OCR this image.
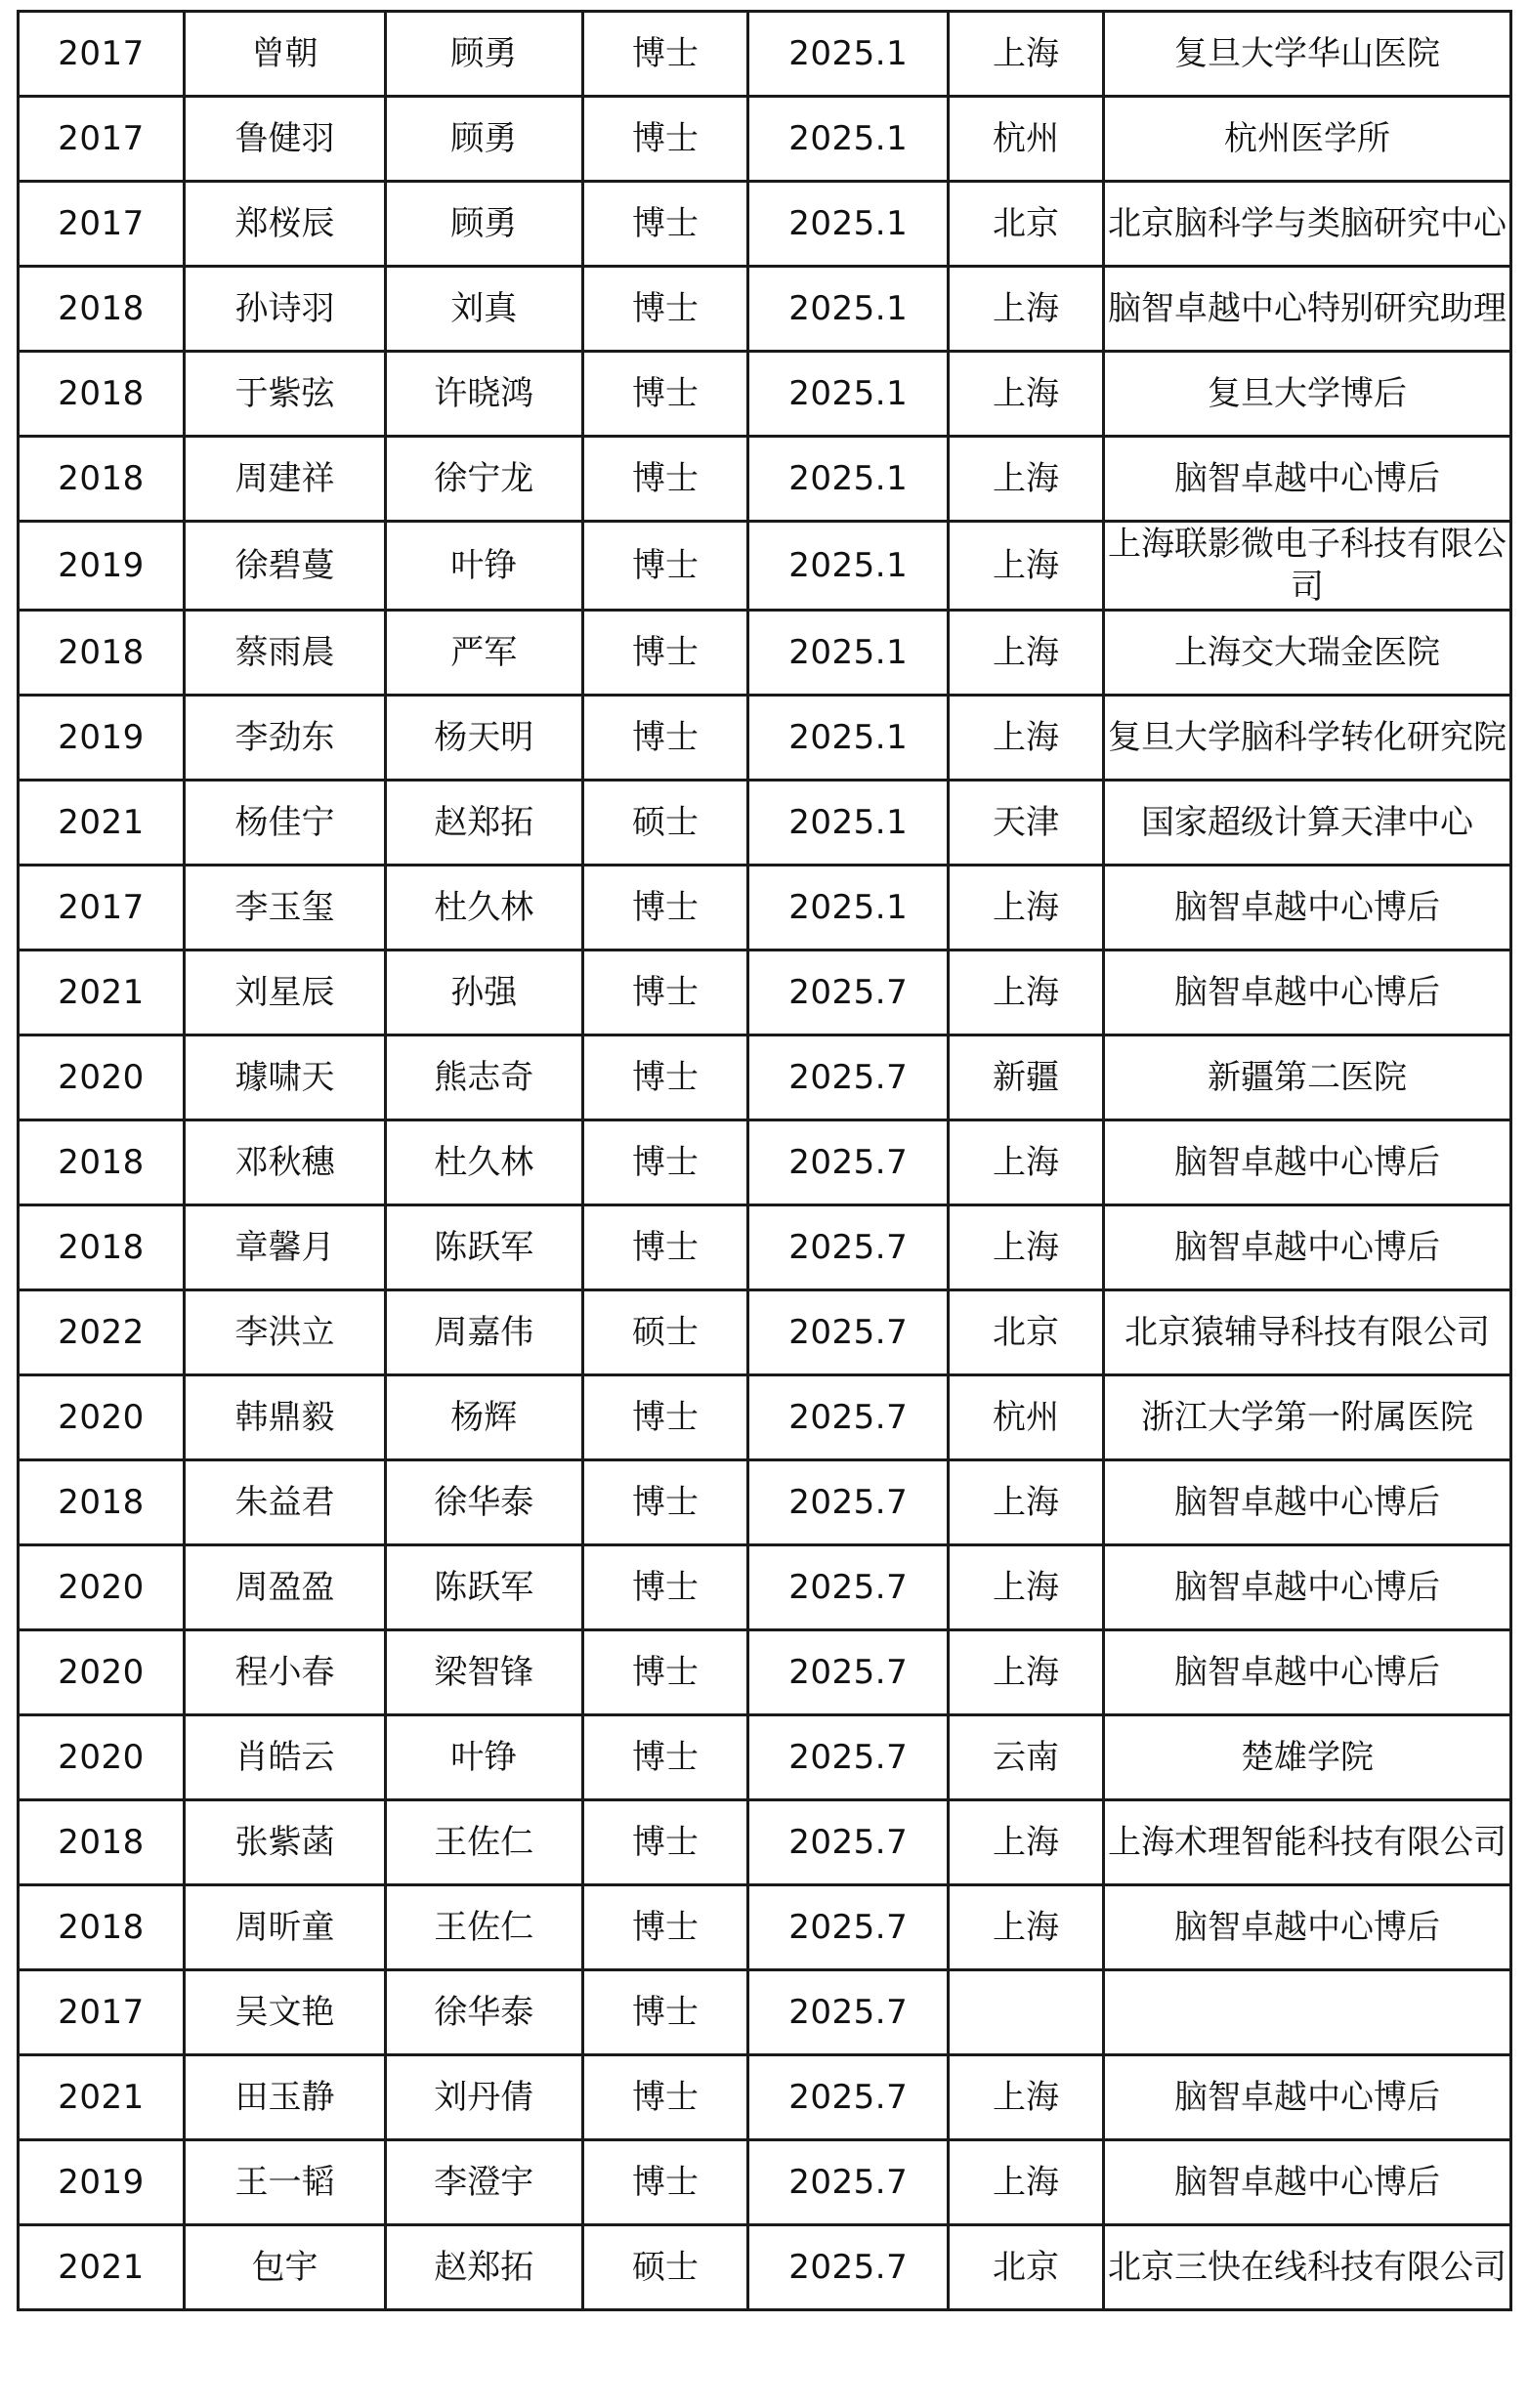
2017	曾朝	顾勇	博士	2025.1	上海	复旦大学华山医院
2017	鲁健羽	顾勇	博士	2025.1	杭州	杭州医学所
2017	郑桜辰	顾勇	博士	2025.1	北京	北京脑科学与类脑研究中心
2018	孙诗羽	刘真	博士	2025.1	上海	脑智卓越中心特别研究助理
2018	于紫弦	许晓鸿	博士	2025.1	上海	复旦大学博后
2018	周建祥	徐宁龙	博士	2025.1	上海	脑智卓越中心博后
2019	徐碧蔓	叶铮	博士	2025.1	上海	上海联影微电子科技有限公司
2018	蔡雨晨	严军	博士	2025.1	上海	上海交大瑞金医院
2019	李劲东	杨天明	博士	2025.1	上海	复旦大学脑科学转化研究院
2021	杨佳宁	赵郑拓	硕士	2025.1	天津	国家超级计算天津中心
2017	李玉玺	杜久林	博士	2025.1	上海	脑智卓越中心博后
2021	刘星辰	孙强	博士	2025.7	上海	脑智卓越中心博后
2020	璩啸天	熊志奇	博士	2025.7	新疆	新疆第二医院
2018	邓秋穗	杜久林	博士	2025.7	上海	脑智卓越中心博后
2018	章馨月	陈跃军	博士	2025.7	上海	脑智卓越中心博后
2022	李洪立	周嘉伟	硕士	2025.7	北京	北京猿辅导科技有限公司
2020	韩鼎毅	杨辉	博士	2025.7	杭州	浙江大学第一附属医院
2018	朱益君	徐华泰	博士	2025.7	上海	脑智卓越中心博后
2020	周盈盈	陈跃军	博士	2025.7	上海	脑智卓越中心博后
2020	程小春	梁智锋	博士	2025.7	上海	脑智卓越中心博后
2020	肖皓云	叶铮	博士	2025.7	云南	楚雄学院
2018	张紫菡	王佐仁	博士	2025.7	上海	上海术理智能科技有限公司
2018	周昕童	王佐仁	博士	2025.7	上海	脑智卓越中心博后
2017	吴文艳	徐华泰	博士	2025.7		
2021	田玉静	刘丹倩	博士	2025.7	上海	脑智卓越中心博后
2019	王一韬	李澄宇	博士	2025.7	上海	脑智卓越中心博后
2021	包宇	赵郑拓	硕士	2025.7	北京	北京三快在线科技有限公司
